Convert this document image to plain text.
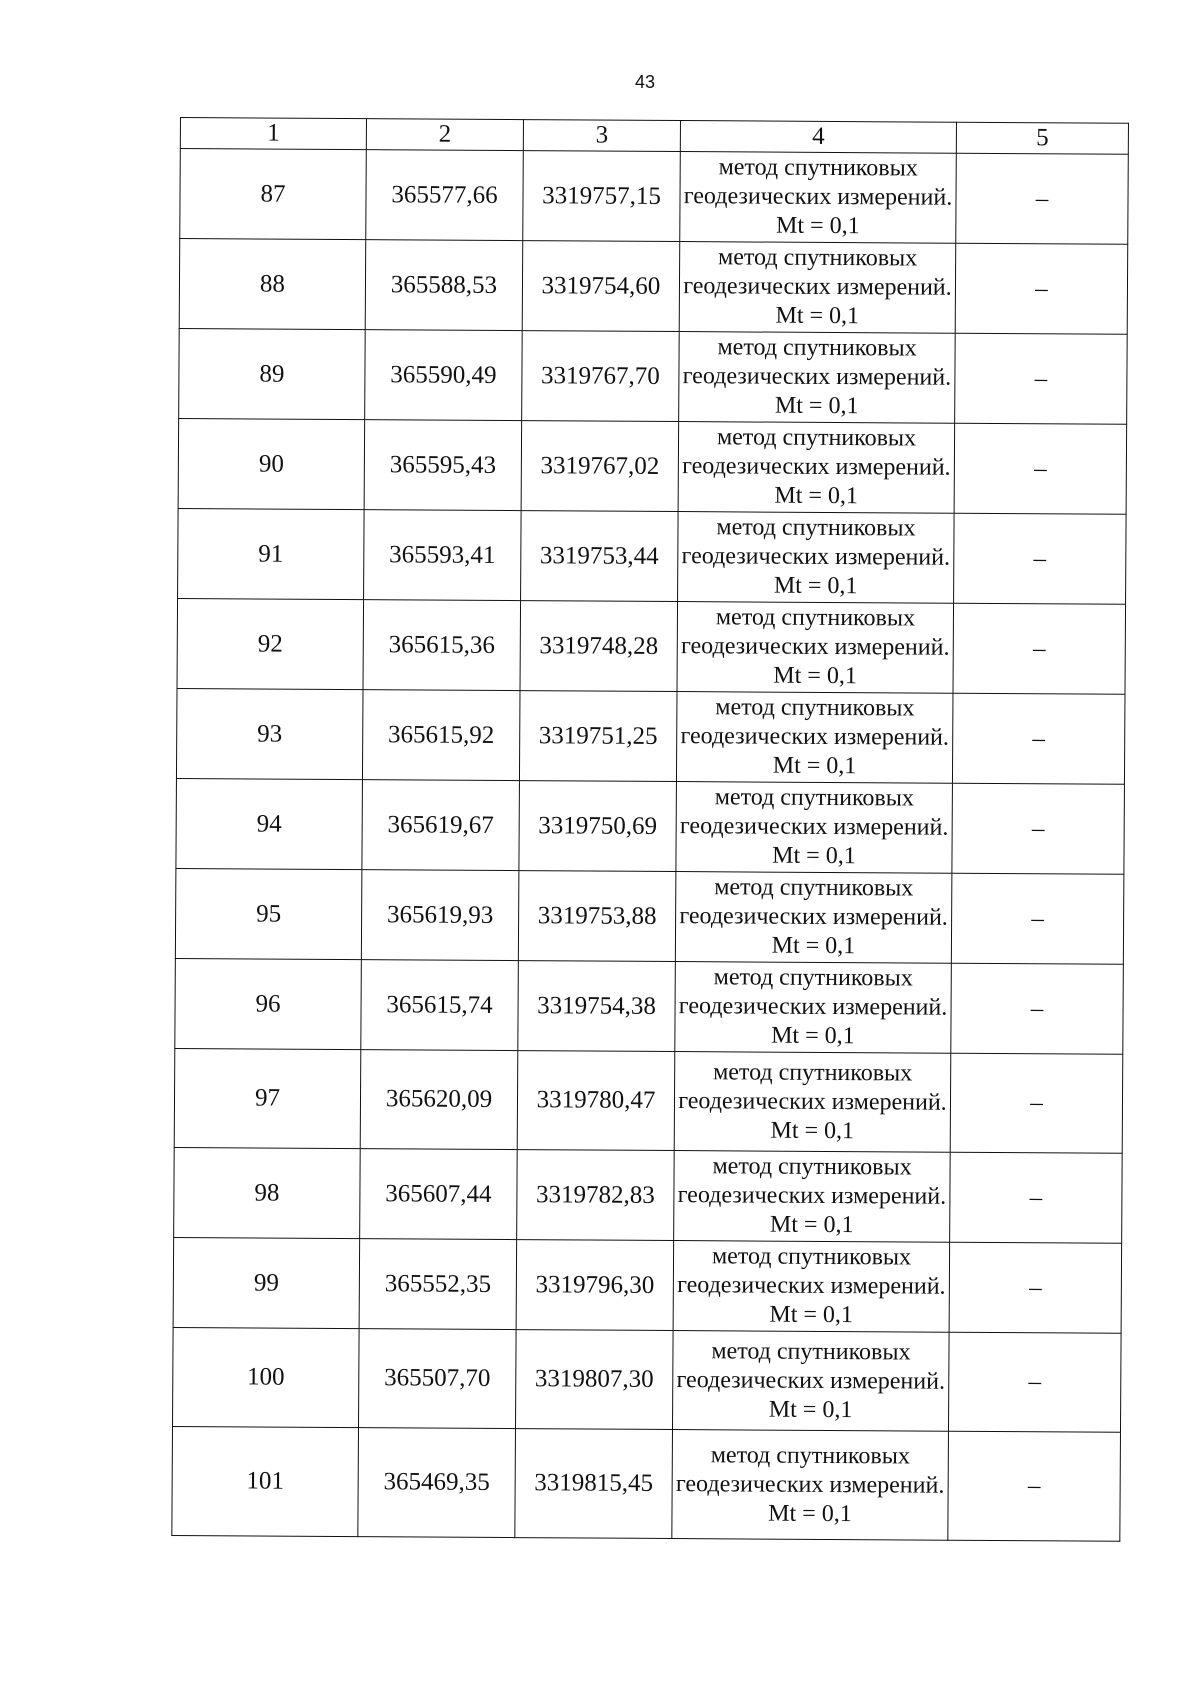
43
1	2	3	4	5
87	365577,66	3319757,15	метод спутниковых геодезических измерений. Mt = 0,1	–
88	365588,53	3319754,60	метод спутниковых геодезических измерений. Mt = 0,1	–
89	365590,49	3319767,70	метод спутниковых геодезических измерений. Mt = 0,1	–
90	365595,43	3319767,02	метод спутниковых геодезических измерений. Mt = 0,1	–
91	365593,41	3319753,44	метод спутниковых геодезических измерений. Mt = 0,1	–
92	365615,36	3319748,28	метод спутниковых геодезических измерений. Mt = 0,1	–
93	365615,92	3319751,25	метод спутниковых геодезических измерений. Mt = 0,1	–
94	365619,67	3319750,69	метод спутниковых геодезических измерений. Mt = 0,1	–
95	365619,93	3319753,88	метод спутниковых геодезических измерений. Mt = 0,1	–
96	365615,74	3319754,38	метод спутниковых геодезических измерений. Mt = 0,1	–
97	365620,09	3319780,47	метод спутниковых геодезических измерений. Mt = 0,1	–
98	365607,44	3319782,83	метод спутниковых геодезических измерений. Mt = 0,1	–
99	365552,35	3319796,30	метод спутниковых геодезических измерений. Mt = 0,1	–
100	365507,70	3319807,30	метод спутниковых геодезических измерений. Mt = 0,1	–
101	365469,35	3319815,45	метод спутниковых геодезических измерений. Mt = 0,1	–
